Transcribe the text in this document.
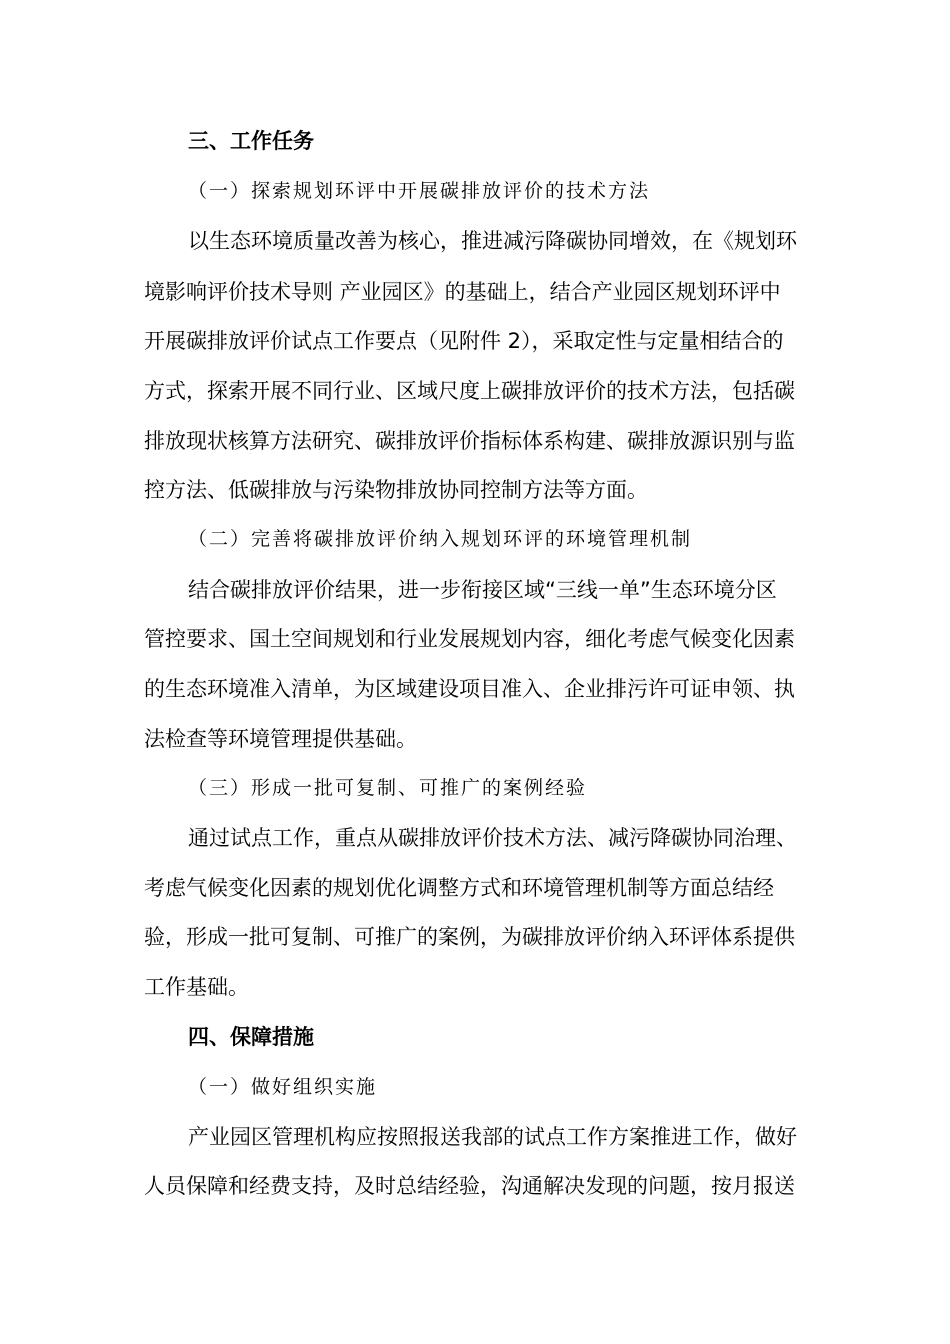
三、工作任务
（一）探索规划环评中开展碳排放评价的技术方法
以生态环境质量改善为核心，推进减污降碳协同增效，在《规划环
境影响评价技术导则 产业园区》的基础上，结合产业园区规划环评中
开展碳排放评价试点工作要点（见附件 2），采取定性与定量相结合的
方式，探索开展不同行业、区域尺度上碳排放评价的技术方法，包括碳
排放现状核算方法研究、碳排放评价指标体系构建、碳排放源识别与监
控方法、低碳排放与污染物排放协同控制方法等方面。
（二）完善将碳排放评价纳入规划环评的环境管理机制
结合碳排放评价结果，进一步衔接区域“三线一单”生态环境分区
管控要求、国土空间规划和行业发展规划内容，细化考虑气候变化因素
的生态环境准入清单，为区域建设项目准入、企业排污许可证申领、执
法检查等环境管理提供基础。
（三）形成一批可复制、可推广的案例经验
通过试点工作，重点从碳排放评价技术方法、减污降碳协同治理、
考虑气候变化因素的规划优化调整方式和环境管理机制等方面总结经
验，形成一批可复制、可推广的案例，为碳排放评价纳入环评体系提供
工作基础。
四、保障措施
（一）做好组织实施
产业园区管理机构应按照报送我部的试点工作方案推进工作，做好
人员保障和经费支持，及时总结经验，沟通解决发现的问题，按月报送
